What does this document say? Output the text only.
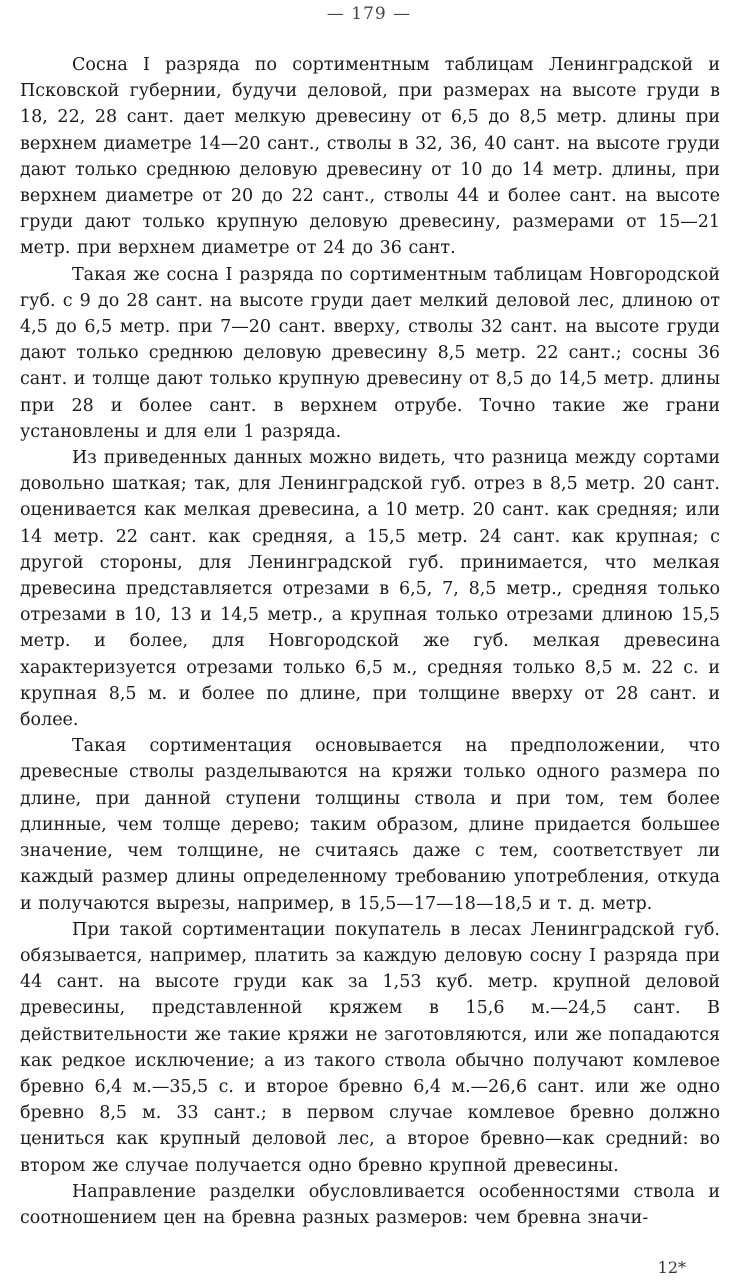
— 179 —

Сосна I разряда по сортиментным таблицам Ленинградской и Псковской губернии, будучи деловой, при размерах на высоте груди в 18, 22, 28 сант. дает мелкую древесину от 6,5 до 8,5 метр. длины при верхнем диаметре 14—20 сант., стволы в 32, 36, 40 сант. на высоте груди дают только среднюю деловую древесину от 10 до 14 метр. длины, при верхнем диаметре от 20 до 22 сант., стволы 44 и более сант. на высоте груди дают только крупную деловую древесину, размерами от 15—21 метр. при верхнем диаметре от 24 до 36 сант.

Такая же сосна I разряда по сортиментным таблицам Новгородской губ. с 9 до 28 сант. на высоте груди дает мелкий деловой лес, длиною от 4,5 до 6,5 метр. при 7—20 сант. вверху, стволы 32 сант. на высоте груди дают только среднюю деловую древесину 8,5 метр. 22 сант.; сосны 36 сант. и толще дают только крупную древесину от 8,5 до 14,5 метр. длины при 28 и более сант. в верхнем отрубе. Точно такие же грани установлены и для ели 1 разряда.

Из приведенных данных можно видеть, что разница между сортами довольно шаткая; так, для Ленинградской губ. отрез в 8,5 метр. 20 сант. оценивается как мелкая древесина, а 10 метр. 20 сант. как средняя; или 14 метр. 22 сант. как средняя, а 15,5 метр. 24 сант. как крупная; с другой стороны, для Ленинградской губ. принимается, что мелкая древесина представляется отрезами в 6,5, 7, 8,5 метр., средняя только отрезами в 10, 13 и 14,5 метр., а крупная только отрезами длиною 15,5 метр. и более, для Новгородской же губ. мелкая древесина характеризуется отрезами только 6,5 м., средняя только 8,5 м. 22 с. и крупная 8,5 м. и более по длине, при толщине вверху от 28 сант. и более.

Такая сортиментация основывается на предположении, что древесные стволы разделываются на кряжи только одного размера по длине, при данной ступени толщины ствола и при том, тем более длинные, чем толще дерево; таким образом, длине придается большее значение, чем толщине, не считаясь даже с тем, соответствует ли каждый размер длины определенному требованию употребления, откуда и получаются вырезы, например, в 15,5—17—18—18,5 и т. д. метр.

При такой сортиментации покупатель в лесах Ленинградской губ. обязывается, например, платить за каждую деловую сосну I разряда при 44 сант. на высоте груди как за 1,53 куб. метр. крупной деловой древесины, представленной кряжем в 15,6 м.—24,5 сант. В действительности же такие кряжи не заготовляются, или же попадаются как редкое исключение; а из такого ствола обычно получают комлевое бревно 6,4 м.—35,5 с. и второе бревно 6,4 м.—26,6 сант. или же одно бревно 8,5 м. 33 сант.; в первом случае комлевое бревно должно цениться как крупный деловой лес, а второе бревно—как средний: во втором же случае получается одно бревно крупной древесины.

Направление разделки обусловливается особенностями ствола и соотношением цен на бревна разных размеров: чем бревна значи-

12*
